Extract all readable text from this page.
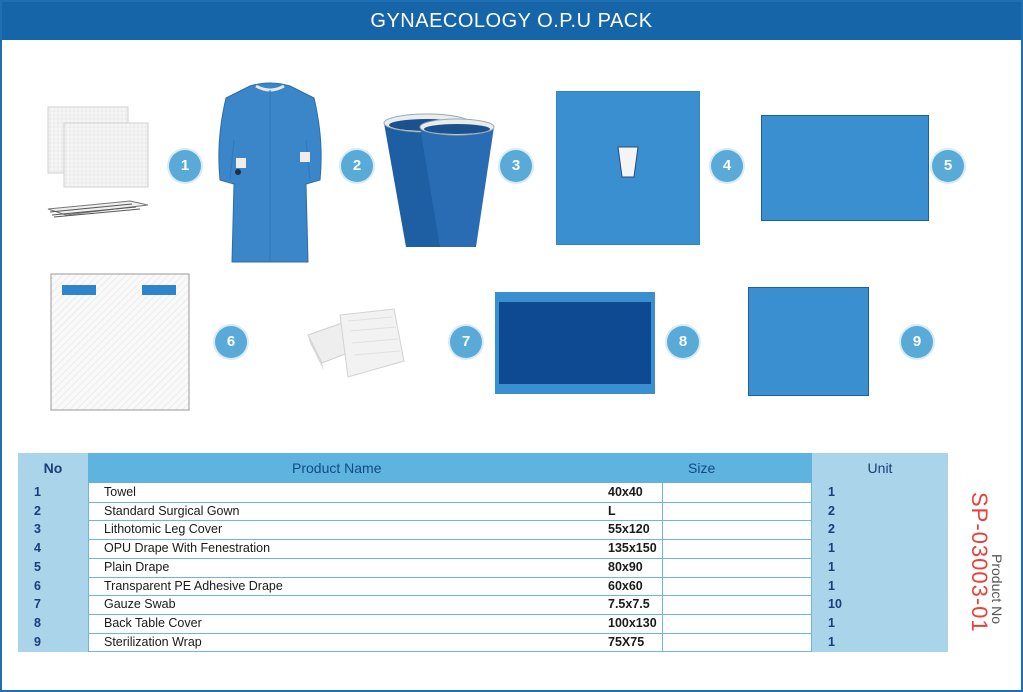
GYNAECOLOGY O.P.U PACK
1	2	3	4	5
6	7	8	9
No	Product Name	Size	Unit
1	Towel	40x40	1
2	Standard Surgical Gown	L	2
3	Lithotomic Leg Cover	55x120	2
4	OPU Drape With Fenestration	135x150	1
5	Plain Drape	80x90	1
6	Transparent PE Adhesive Drape	60x60	1
7	Gauze Swab	7.5x7.5	10
8	Back Table Cover	100x130	1
9	Sterilization Wrap	75X75	1
SP-03003-01
Product No
